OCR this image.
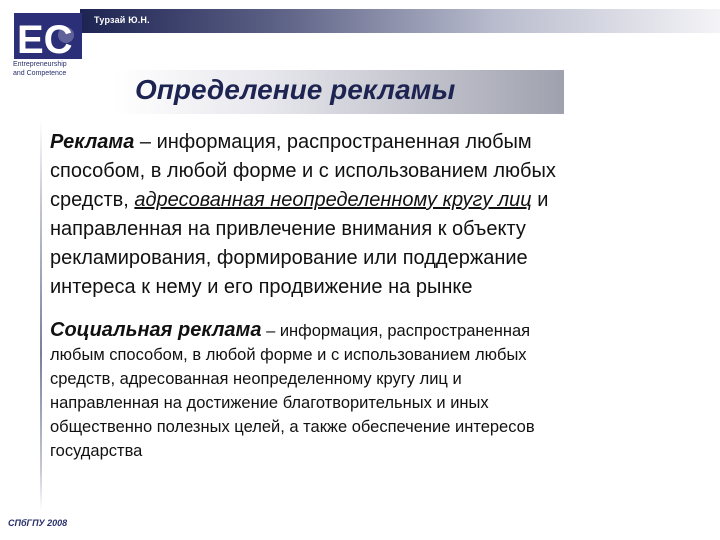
Турзай Ю.Н.
EC
Entrepreneurship
and Competence
Определение рекламы
Реклама – информация, распространенная любым
способом, в любой форме и с использованием любых
средств, адресованная неопределенному кругу лиц и
направленная на привлечение внимания к объекту
рекламирования, формирование или поддержание
интереса к нему и его продвижение на рынке
Социальная реклама – информация, распространенная
любым способом, в любой форме и с использованием любых
средств, адресованная неопределенному кругу лиц и
направленная на достижение благотворительных и иных
общественно полезных целей, а также обеспечение интересов
государства
СПбГПУ 2008
